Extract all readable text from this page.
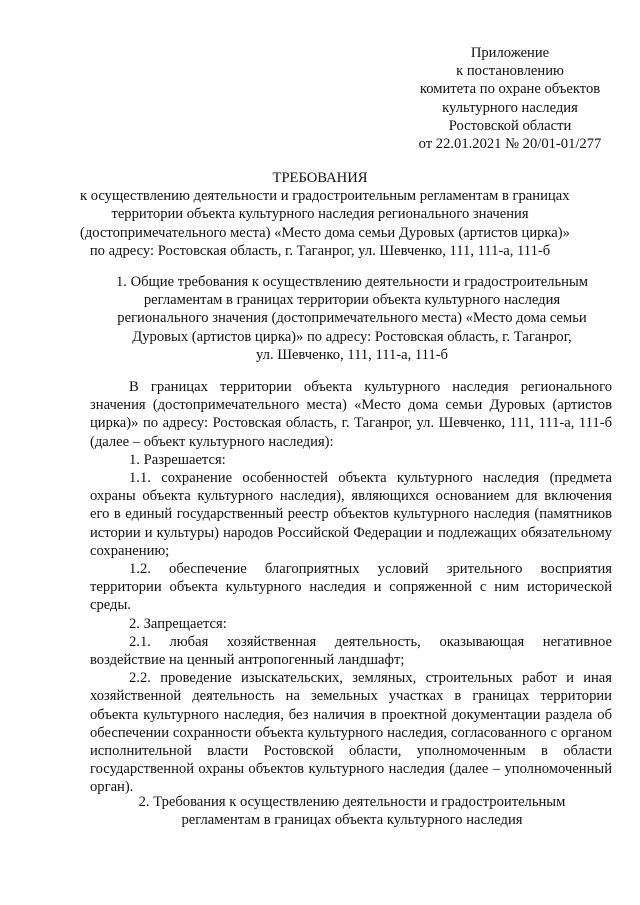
Приложение
к постановлению
комитета по охране объектов
культурного наследия
Ростовской области
от 22.01.2021 № 20/01-01/277
ТРЕБОВАНИЯ
к осуществлению деятельности и градостроительным регламентам в границах
территории объекта культурного наследия регионального значения
(достопримечательного места) «Место дома семьи Дуровых (артистов цирка)»
по адресу: Ростовская область, г. Таганрог, ул. Шевченко, 111, 111-а, 111-б
1. Общие требования к осуществлению деятельности и градостроительным
регламентам в границах территории объекта культурного наследия
регионального значения (достопримечательного места) «Место дома семьи
Дуровых (артистов цирка)» по адресу: Ростовская область, г. Таганрог,
ул. Шевченко, 111, 111-а, 111-б

В границах территории объекта культурного наследия регионального значения (достопримечательного места) «Место дома семьи Дуровых (артистов цирка)» по адресу: Ростовская область, г. Таганрог, ул. Шевченко, 111, 111-а, 111-б (далее – объект культурного наследия):

1. Разрешается:

1.1. сохранение особенностей объекта культурного наследия (предмета охраны объекта культурного наследия), являющихся основанием для включения его в единый государственный реестр объектов культурного наследия (памятников истории и культуры) народов Российской Федерации и подлежащих обязательному сохранению;

1.2. обеспечение благоприятных условий зрительного восприятия территории объекта культурного наследия и сопряженной с ним исторической среды.

2. Запрещается:

2.1. любая хозяйственная деятельность, оказывающая негативное воздействие на ценный антропогенный ландшафт;

2.2. проведение изыскательских, земляных, строительных работ и иная хозяйственной деятельность на земельных участках в границах территории объекта культурного наследия, без наличия в проектной документации раздела об обеспечении сохранности объекта культурного наследия, согласованного с органом исполнительной власти Ростовской области, уполномоченным в области государственной охраны объектов культурного наследия (далее – уполномоченный орган).

2. Требования к осуществлению деятельности и градостроительным
регламентам в границах объекта культурного наследия
